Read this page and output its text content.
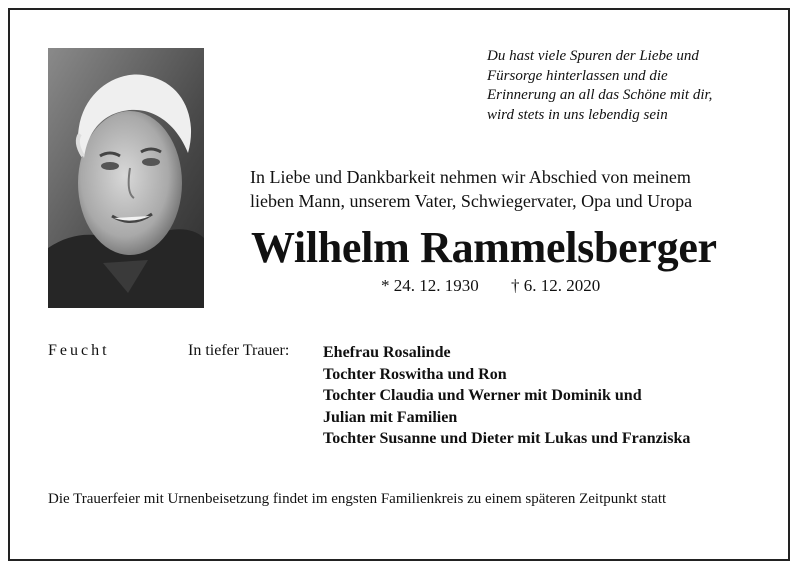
Du hast viele Spuren der Liebe und
Fürsorge hinterlassen und die
Erinnerung an all das Schöne mit dir,
wird stets in uns lebendig sein
In Liebe und Dankbarkeit nehmen wir Abschied von meinem
lieben Mann, unserem Vater, Schwiegervater, Opa und Uropa
Wilhelm Rammelsberger
* 24. 12. 1930 † 6. 12. 2020
Feucht	In tiefer Trauer: Ehefrau Rosalinde
Tochter Roswitha und Ron
Tochter Claudia und Werner mit Dominik und
Julian mit Familien
Tochter Susanne und Dieter mit Lukas und Franziska
Die Trauerfeier mit Urnenbeisetzung findet im engsten Familienkreis zu einem späteren Zeitpunkt statt
